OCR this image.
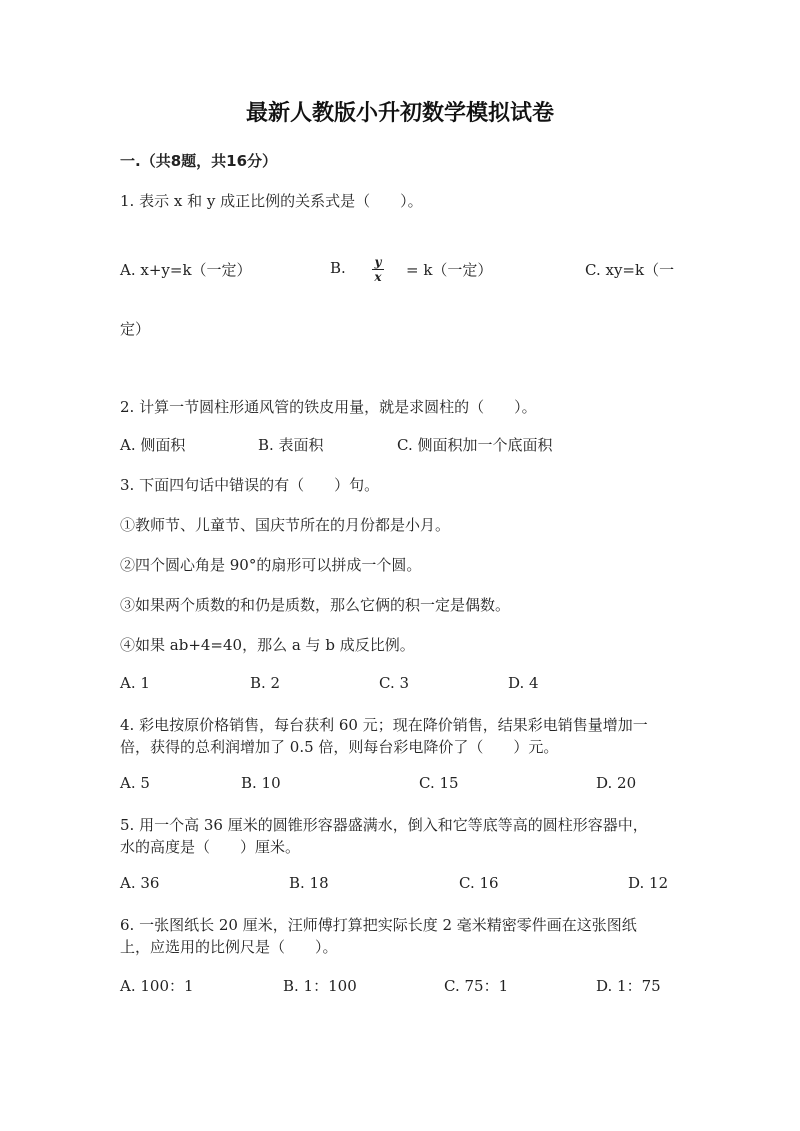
最新人教版小升初数学模拟试卷
一.（共8题，共16分）
1. 表示 x 和 y 成正比例的关系式是（　　）。
A. x+y=k（一定）	B. y
x = k（一定）	C. xy=k（一
定）
2. 计算一节圆柱形通风管的铁皮用量，就是求圆柱的（　　）。
A. 侧面积	B. 表面积	C. 侧面积加一个底面积
3. 下面四句话中错误的有（　　）句。
①教师节、儿童节、国庆节所在的月份都是小月。
②四个圆心角是 90°的扇形可以拼成一个圆。
③如果两个质数的和仍是质数，那么它俩的积一定是偶数。
④如果 ab+4=40，那么 a 与 b 成反比例。
A. 1	B. 2	C. 3	D. 4
4. 彩电按原价格销售，每台获利 60 元；现在降价销售，结果彩电销售量增加一
倍，获得的总利润增加了 0.5 倍，则每台彩电降价了（　　）元。
A. 5	B. 10	C. 15	D. 20
5. 用一个高 36 厘米的圆锥形容器盛满水，倒入和它等底等高的圆柱形容器中，
水的高度是（　　）厘米。
A. 36	B. 18	C. 16	D. 12
6. 一张图纸长 20 厘米，汪师傅打算把实际长度 2 毫米精密零件画在这张图纸
上，应选用的比例尺是（　　）。
A. 100：1	B. 1：100	C. 75：1	D. 1：75
